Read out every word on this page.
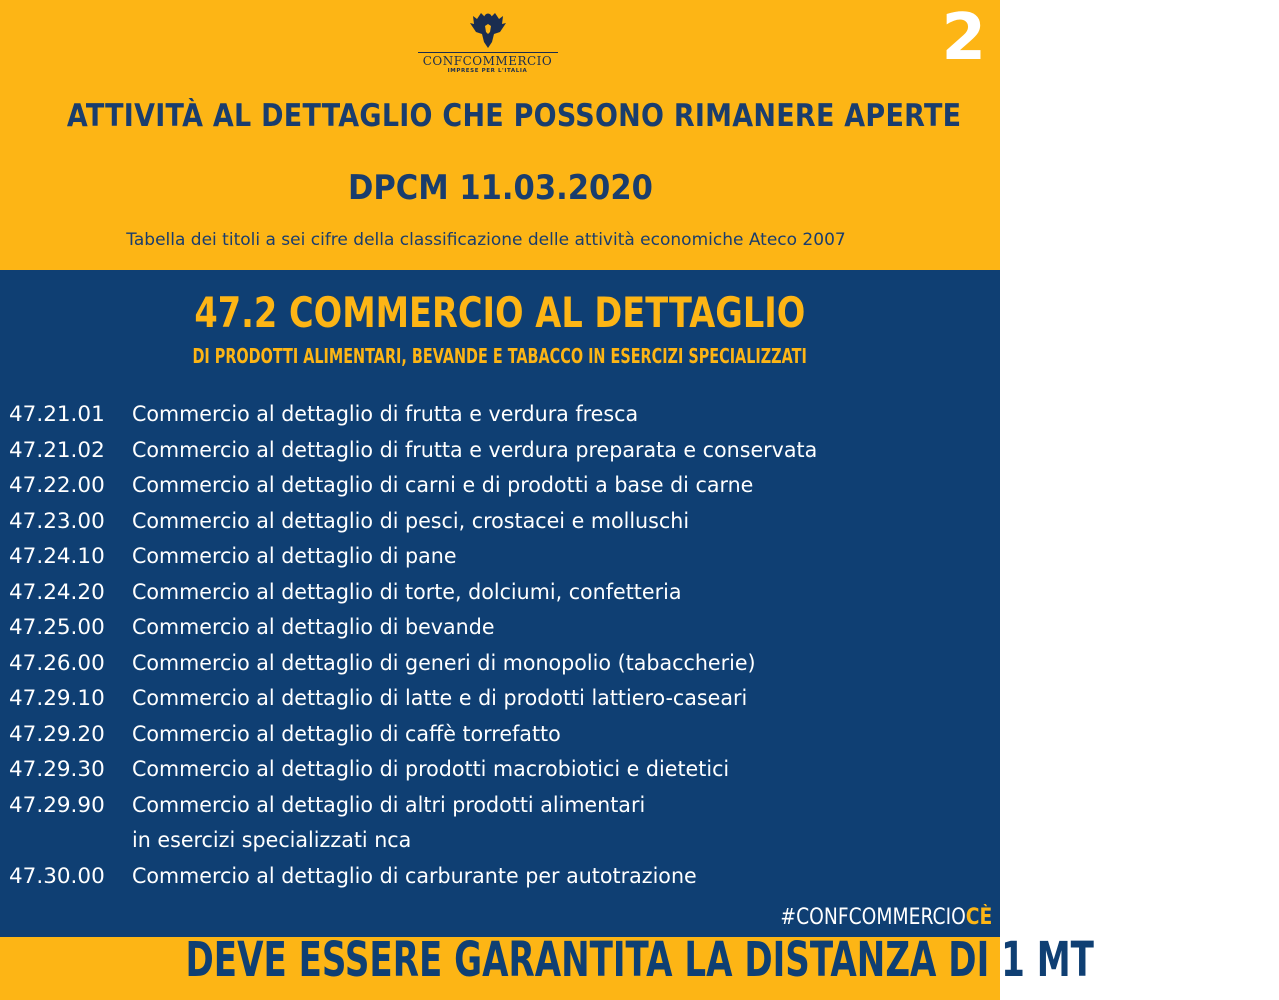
CONFCOMMERCIO
IMPRESE PER L'ITALIA	2
ATTIVITÀ AL DETTAGLIO CHE POSSONO RIMANERE APERTE
DPCM 11.03.2020
Tabella dei titoli a sei cifre della classificazione delle attività economiche Ateco 2007
47.2 COMMERCIO AL DETTAGLIO
DI PRODOTTI ALIMENTARI, BEVANDE E TABACCO IN ESERCIZI SPECIALIZZATI
47.21.01	Commercio al dettaglio di frutta e verdura fresca
47.21.02	Commercio al dettaglio di frutta e verdura preparata e conservata
47.22.00	Commercio al dettaglio di carni e di prodotti a base di carne
47.23.00	Commercio al dettaglio di pesci, crostacei e molluschi
47.24.10	Commercio al dettaglio di pane
47.24.20	Commercio al dettaglio di torte, dolciumi, confetteria
47.25.00	Commercio al dettaglio di bevande
47.26.00	Commercio al dettaglio di generi di monopolio (tabaccherie)
47.29.10	Commercio al dettaglio di latte e di prodotti lattiero-caseari
47.29.20	Commercio al dettaglio di caffè torrefatto
47.29.30	Commercio al dettaglio di prodotti macrobiotici e dietetici
47.29.90	Commercio al dettaglio di altri prodotti alimentari
in esercizi specializzati nca
47.30.00	Commercio al dettaglio di carburante per autotrazione
#CONFCOMMERCIOCÈ
DEVE ESSERE GARANTITA LA DISTANZA DI 1 MT
